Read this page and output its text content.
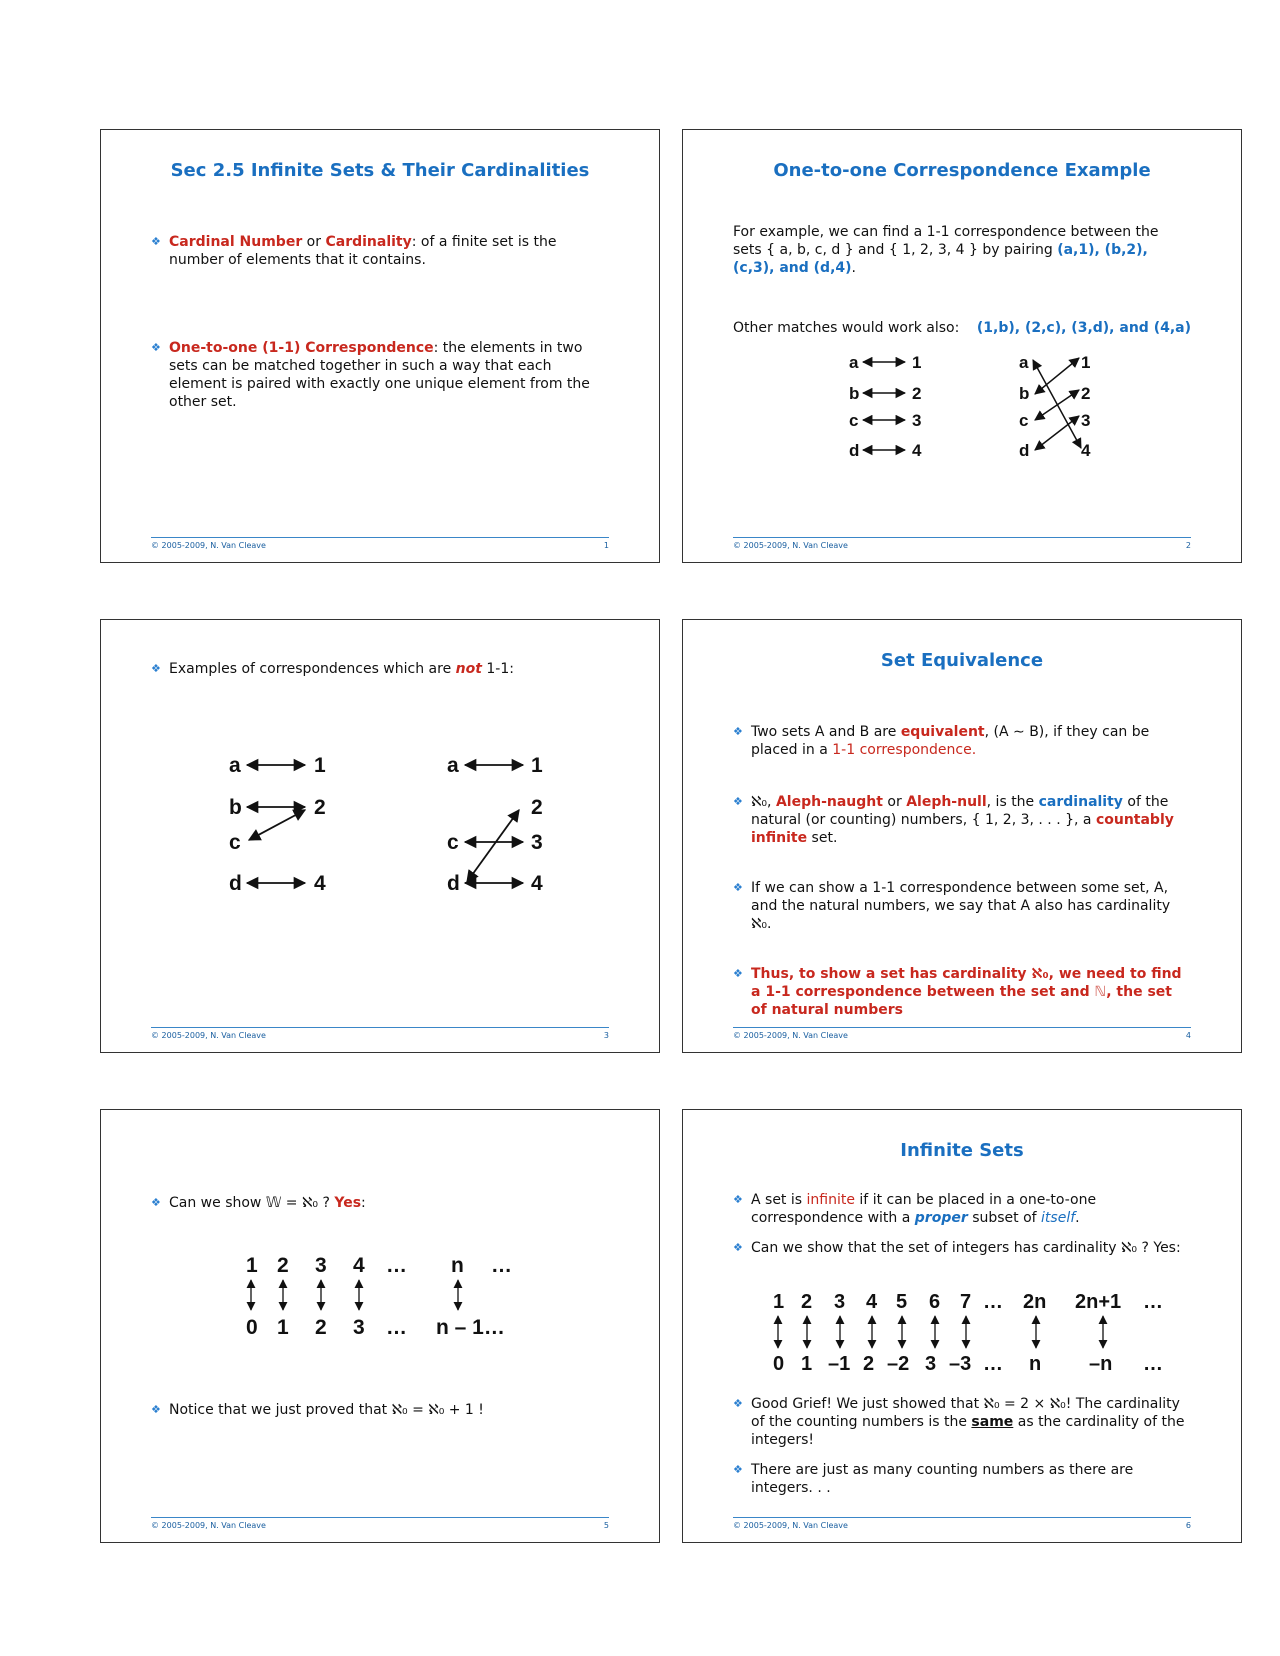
Sec 2.5 Infinite Sets & Their Cardinalities

❖ Cardinal Number or Cardinality: of a finite set is the number of elements that it contains.

❖ One-to-one (1-1) Correspondence: the elements in two sets can be matched together in such a way that each element is paired with exactly one unique element from the other set.

© 2005-2009, N. Van Cleave	1
One-to-one Correspondence Example

For example, we can find a 1-1 correspondence between the sets { a, b, c, d } and { 1, 2, 3, 4 } by pairing (a,1), (b,2), (c,3), and (d,4).

Other matches would work also: (1,b), (2,c), (3,d), and (4,a)

a
b
c
d
1
2
3
4
a
b
c
d
1
2
3
4
© 2005-2009, N. Van Cleave	2

❖ Examples of correspondences which are not 1-1:

a
b
c
d
1
2
4
a
c
d
1
2
3
4
© 2005-2009, N. Van Cleave	3
Set Equivalence

❖ Two sets A and B are equivalent, (A ∼ B), if they can be placed in a 1-1 correspondence.

❖ ℵ₀, Aleph-naught or Aleph-null, is the cardinality of the natural (or counting) numbers, { 1, 2, 3, . . . }, a countably infinite set.

❖ If we can show a 1-1 correspondence between some set, A, and the natural numbers, we say that A also has cardinality ℵ₀.

❖ Thus, to show a set has cardinality ℵ₀, we need to find a 1-1 correspondence between the set and ℕ, the set of natural numbers

© 2005-2009, N. Van Cleave	4

❖ Can we show 𝕎 = ℵ₀ ? Yes:

1 2 3 4 … n …
0 1 2 3 … n – 1…

❖ Notice that we just proved that ℵ₀ = ℵ₀ + 1 !

© 2005-2009, N. Van Cleave	5
Infinite Sets

❖ A set is infinite if it can be placed in a one-to-one correspondence with a proper subset of itself.

❖ Can we show that the set of integers has cardinality ℵ₀ ? Yes:

1 2 3 4 5 6 7 … 2n 2n+1 …
0 1 –1 2 –2 3 –3 … n –n …

❖ Good Grief! We just showed that ℵ₀ = 2 × ℵ₀! The cardinality of the counting numbers is the same as the cardinality of the integers!

❖ There are just as many counting numbers as there are integers. . .

© 2005-2009, N. Van Cleave	6
